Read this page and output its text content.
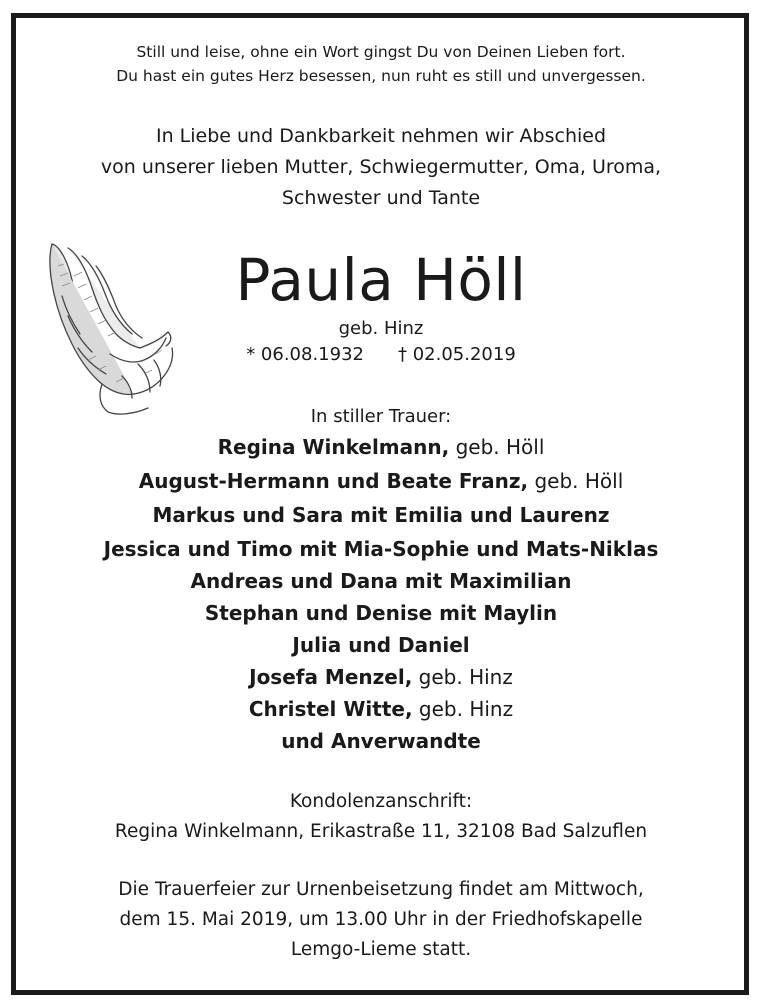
Still und leise, ohne ein Wort gingst Du von Deinen Lieben fort.
Du hast ein gutes Herz besessen, nun ruht es still und unvergessen.
In Liebe und Dankbarkeit nehmen wir Abschied
von unserer lieben Mutter, Schwiegermutter, Oma, Uroma,
Schwester und Tante
Paula Höll
geb. Hinz
* 06.08.1932 † 02.05.2019
In stiller Trauer:
Regina Winkelmann, geb. Höll
August-Hermann und Beate Franz, geb. Höll
Markus und Sara mit Emilia und Laurenz
Jessica und Timo mit Mia-Sophie und Mats-Niklas
Andreas und Dana mit Maximilian
Stephan und Denise mit Maylin
Julia und Daniel
Josefa Menzel, geb. Hinz
Christel Witte, geb. Hinz
und Anverwandte
Kondolenzanschrift:
Regina Winkelmann, Erikastraße 11, 32108 Bad Salzuflen
Die Trauerfeier zur Urnenbeisetzung findet am Mittwoch,
dem 15. Mai 2019, um 13.00 Uhr in der Friedhofskapelle
Lemgo-Lieme statt.
